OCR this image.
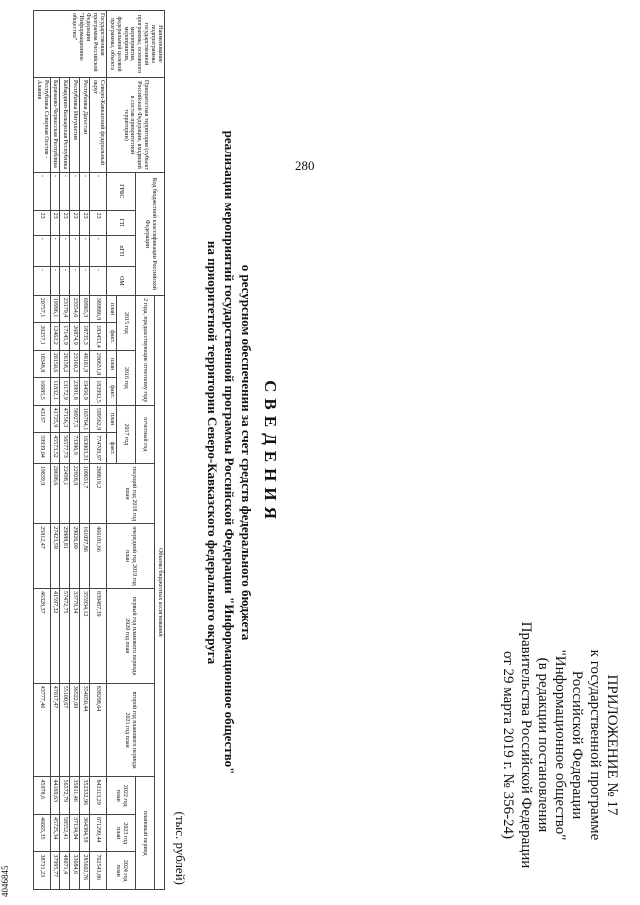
280
4046845
ПРИЛОЖЕНИЕ № 17
к государственной программе
Российской Федерации
"Информационное общество"
(в редакции постановления
Правительства Российской Федерации
от 29 марта 2019 г. № 356-24)
СВЕДЕНИЯ
о ресурсном обеспечении за счет средств федерального бюджета
реализации мероприятий государственной программы Российской Федерации "Информационное общество"
на приоритетной территории Северо-Кавказского федерального округа
(тыс. рублей)
Наименование подпрограммы государственной программы, основного мероприятия, мероприятия, федеральной целевой программы, объекта	Приоритетная территория (субъект Российской Федерации, входящий в состав приоритетной территории)	Код бюджетной классификации Российской Федерации				Объемы бюджетных ассигнований												
						2 года, предшествующие отчетному году				отчетный год		текущий год 2018 год план	очередной год 2019 год план	первый год планового периода 2020 год план	второй год планового периода 2021 год план	плановый период		
		ГРБС	ГП	пГП	ОМ	2015 год		2016 год		2017 год						2022 год план	2023 год план	2024 год план
						план	факт.	план	факт.	план	факт.							
Государственная программа Российской Федерации "Информационное общество"	Северо-Кавказский федеральный округ	-	23	-	-	389886,9	183453,4	290651,8	182992,5	599562,9	774709,97	288819,2	466181,66	839487,39	838298,64	842113,29	871299,44	702543,86
	Республика Дагестан	-	23	-	-	69965,3	18735,3	48181,9	19456,9	163764,1	163003,31	109031,7	161097,86	355934,12	354050,44	352332,96	364384,59	285602,76
	Республика Ингушетия	-	23	-	-	23354,6	26874,9	23160,2	23991,8	58927,5	73396,9	22928,9	29026,09	33779,34	36522,09	35811,46	37134,94	33684,6
	Кабардино-Балкарская Республика	-	23	-	-	23179,4	17145,9	26158,2	13172,9	47156,3	56577,73	22498,1	29888,81	57472,75	55100,67	56572,79	58552,41	48071,4
	Карачаево-Черкесская Республика	-	23	-	-	19996,1	12462,2	20150,6	11832,1	41725,9	45573,52	20698,6	27423,59	41597,32	47017,47	44169,63	45725,34	37995,77
	Республика Северная Осетия - Алания	-	23	-	-	20757,1	20257,1	18348,8	16685,5	43137	59939,04	19839,9	25812,47	46328,37	43777,46	45978,6	46665,35	38731,23
